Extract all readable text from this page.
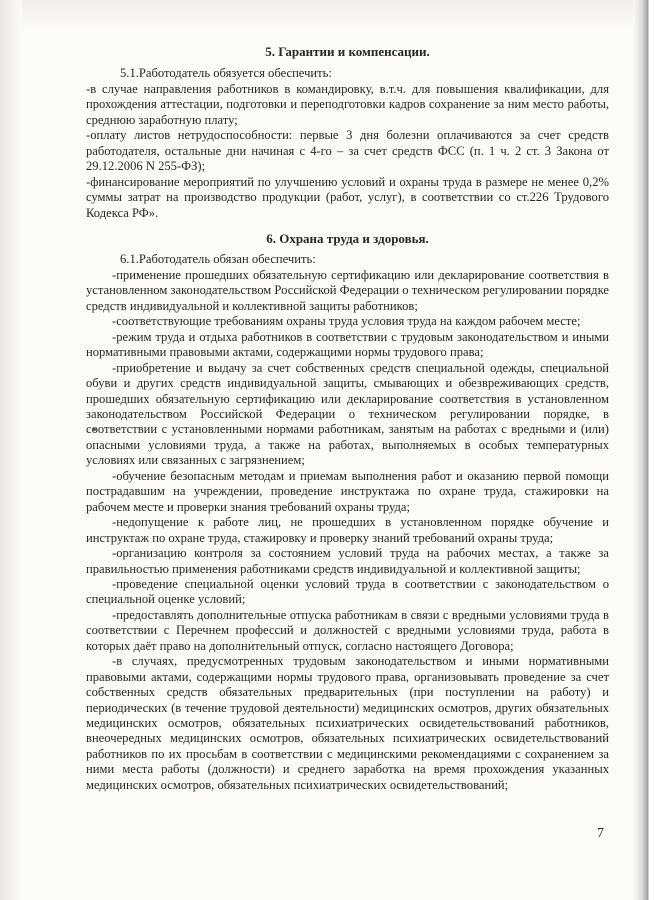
5. Гарантии и компенсации.

5.1.Работодатель обязуется обеспечить:

-в случае направления работников в командировку, в.т.ч. для повышения квалификации, для прохождения аттестации, подготовки и переподготовки кадров сохранение за ним место работы, среднюю заработную плату;

-оплату листов нетрудоспособности: первые 3 дня болезни оплачиваются за счет средств работодателя, остальные дни начиная с 4-го – за счет средств ФСС (п. 1 ч. 2 ст. 3 Закона от 29.12.2006 N 255-ФЗ);

-финансирование мероприятий по улучшению условий и охраны труда в размере не менее 0,2% суммы затрат на производство продукции (работ, услуг), в соответствии со ст.226 Трудового Кодекса РФ».

6. Охрана труда и здоровья.

6.1.Работодатель обязан обеспечить:

-применение прошедших обязательную сертификацию или декларирование соответствия в установленном законодательством Российской Федерации о техническом регулировании порядке средств индивидуальной и коллективной защиты работников;

-соответствующие требованиям охраны труда условия труда на каждом рабочем месте;

-режим труда и отдыха работников в соответствии с трудовым законодательством и иными нормативными правовыми актами, содержащими нормы трудового права;

-приобретение и выдачу за счет собственных средств специальной одежды, специальной обуви и других средств индивидуальной защиты, смывающих и обезвреживающих средств, прошедших обязательную сертификацию или декларирование соответствия в установленном законодательством Российской Федерации о техническом регулировании порядке, в соответствии с установленными нормами работникам, занятым на работах с вредными и (или) опасными условиями труда, а также на работах, выполняемых в особых температурных условиях или связанных с загрязнением;

-обучение безопасным методам и приемам выполнения работ и оказанию первой помощи пострадавшим на учреждении, проведение инструктажа по охране труда, стажировки на рабочем месте и проверки знания требований охраны труда;

-недопущение к работе лиц, не прошедших в установленном порядке обучение и инструктаж по охране труда, стажировку и проверку знаний требований охраны труда;

-организацию контроля за состоянием условий труда на рабочих местах, а также за правильностью применения работниками средств индивидуальной и коллективной защиты;

-проведение специальной оценки условий труда в соответствии с законодательством о специальной оценке условий;

-предоставлять дополнительные отпуска работникам в связи с вредными условиями труда в соответствии с Перечнем профессий и должностей с вредными условиями труда, работа в которых даёт право на дополнительный отпуск, согласно настоящего Договора;

-в случаях, предусмотренных трудовым законодательством и иными нормативными правовыми актами, содержащими нормы трудового права, организовывать проведение за счет собственных средств обязательных предварительных (при поступлении на работу) и периодических (в течение трудовой деятельности) медицинских осмотров, других обязательных медицинских осмотров, обязательных психиатрических освидетельствований работников, внеочередных медицинских осмотров, обязательных психиатрических освидетельствований работников по их просьбам в соответствии с медицинскими рекомендациями с сохранением за ними места работы (должности) и среднего заработка на время прохождения указанных медицинских осмотров, обязательных психиатрических освидетельствований;

7
